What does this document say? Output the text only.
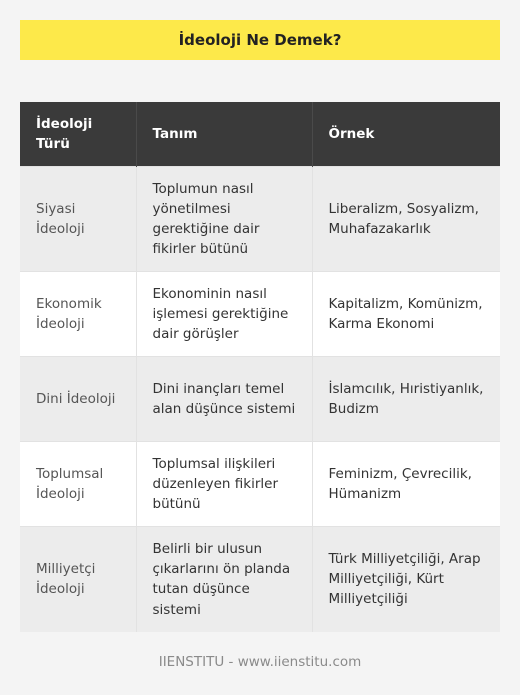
İdeoloji Ne Demek?
İdeoloji Türü	Tanım	Örnek
Siyasi İdeoloji	Toplumun nasıl yönetilmesi gerektiğine dair fikirler bütünü	Liberalizm, Sosyalizm, Muhafazakarlık
Ekonomik İdeoloji	Ekonominin nasıl işlemesi gerektiğine dair görüşler	Kapitalizm, Komünizm, Karma Ekonomi
Dini İdeoloji	Dini inançları temel alan düşünce sistemi	İslamcılık, Hıristiyanlık, Budizm
Toplumsal İdeoloji	Toplumsal ilişkileri düzenleyen fikirler bütünü	Feminizm, Çevrecilik, Hümanizm
Milliyetçi İdeoloji	Belirli bir ulusun çıkarlarını ön planda tutan düşünce sistemi	Türk Milliyetçiliği, Arap Milliyetçiliği, Kürt Milliyetçiliği
IIENSTITU - www.iienstitu.com
